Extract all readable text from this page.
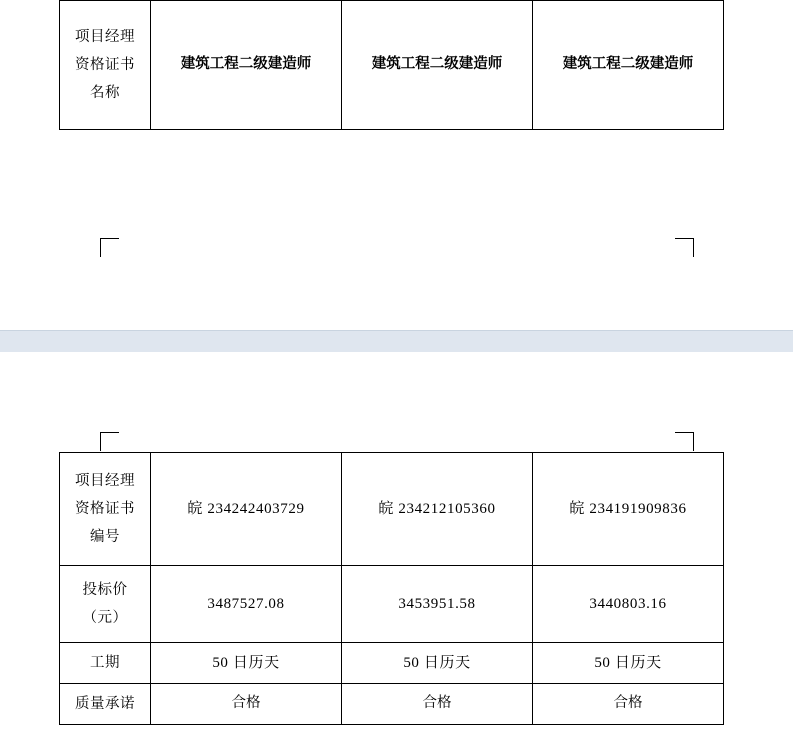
项目经理
资格证书
名称
	建筑工程二级建造师	建筑工程二级建造师	建筑工程二级建造师
项目经理
资格证书
编号	皖 234242403729	皖 234212105360	皖 234191909836

投标价
（元）	3487527.08	3453951.58	3440803.16

工期	50 日历天	50 日历天	50 日历天

质量承诺	合格	合格	合格
